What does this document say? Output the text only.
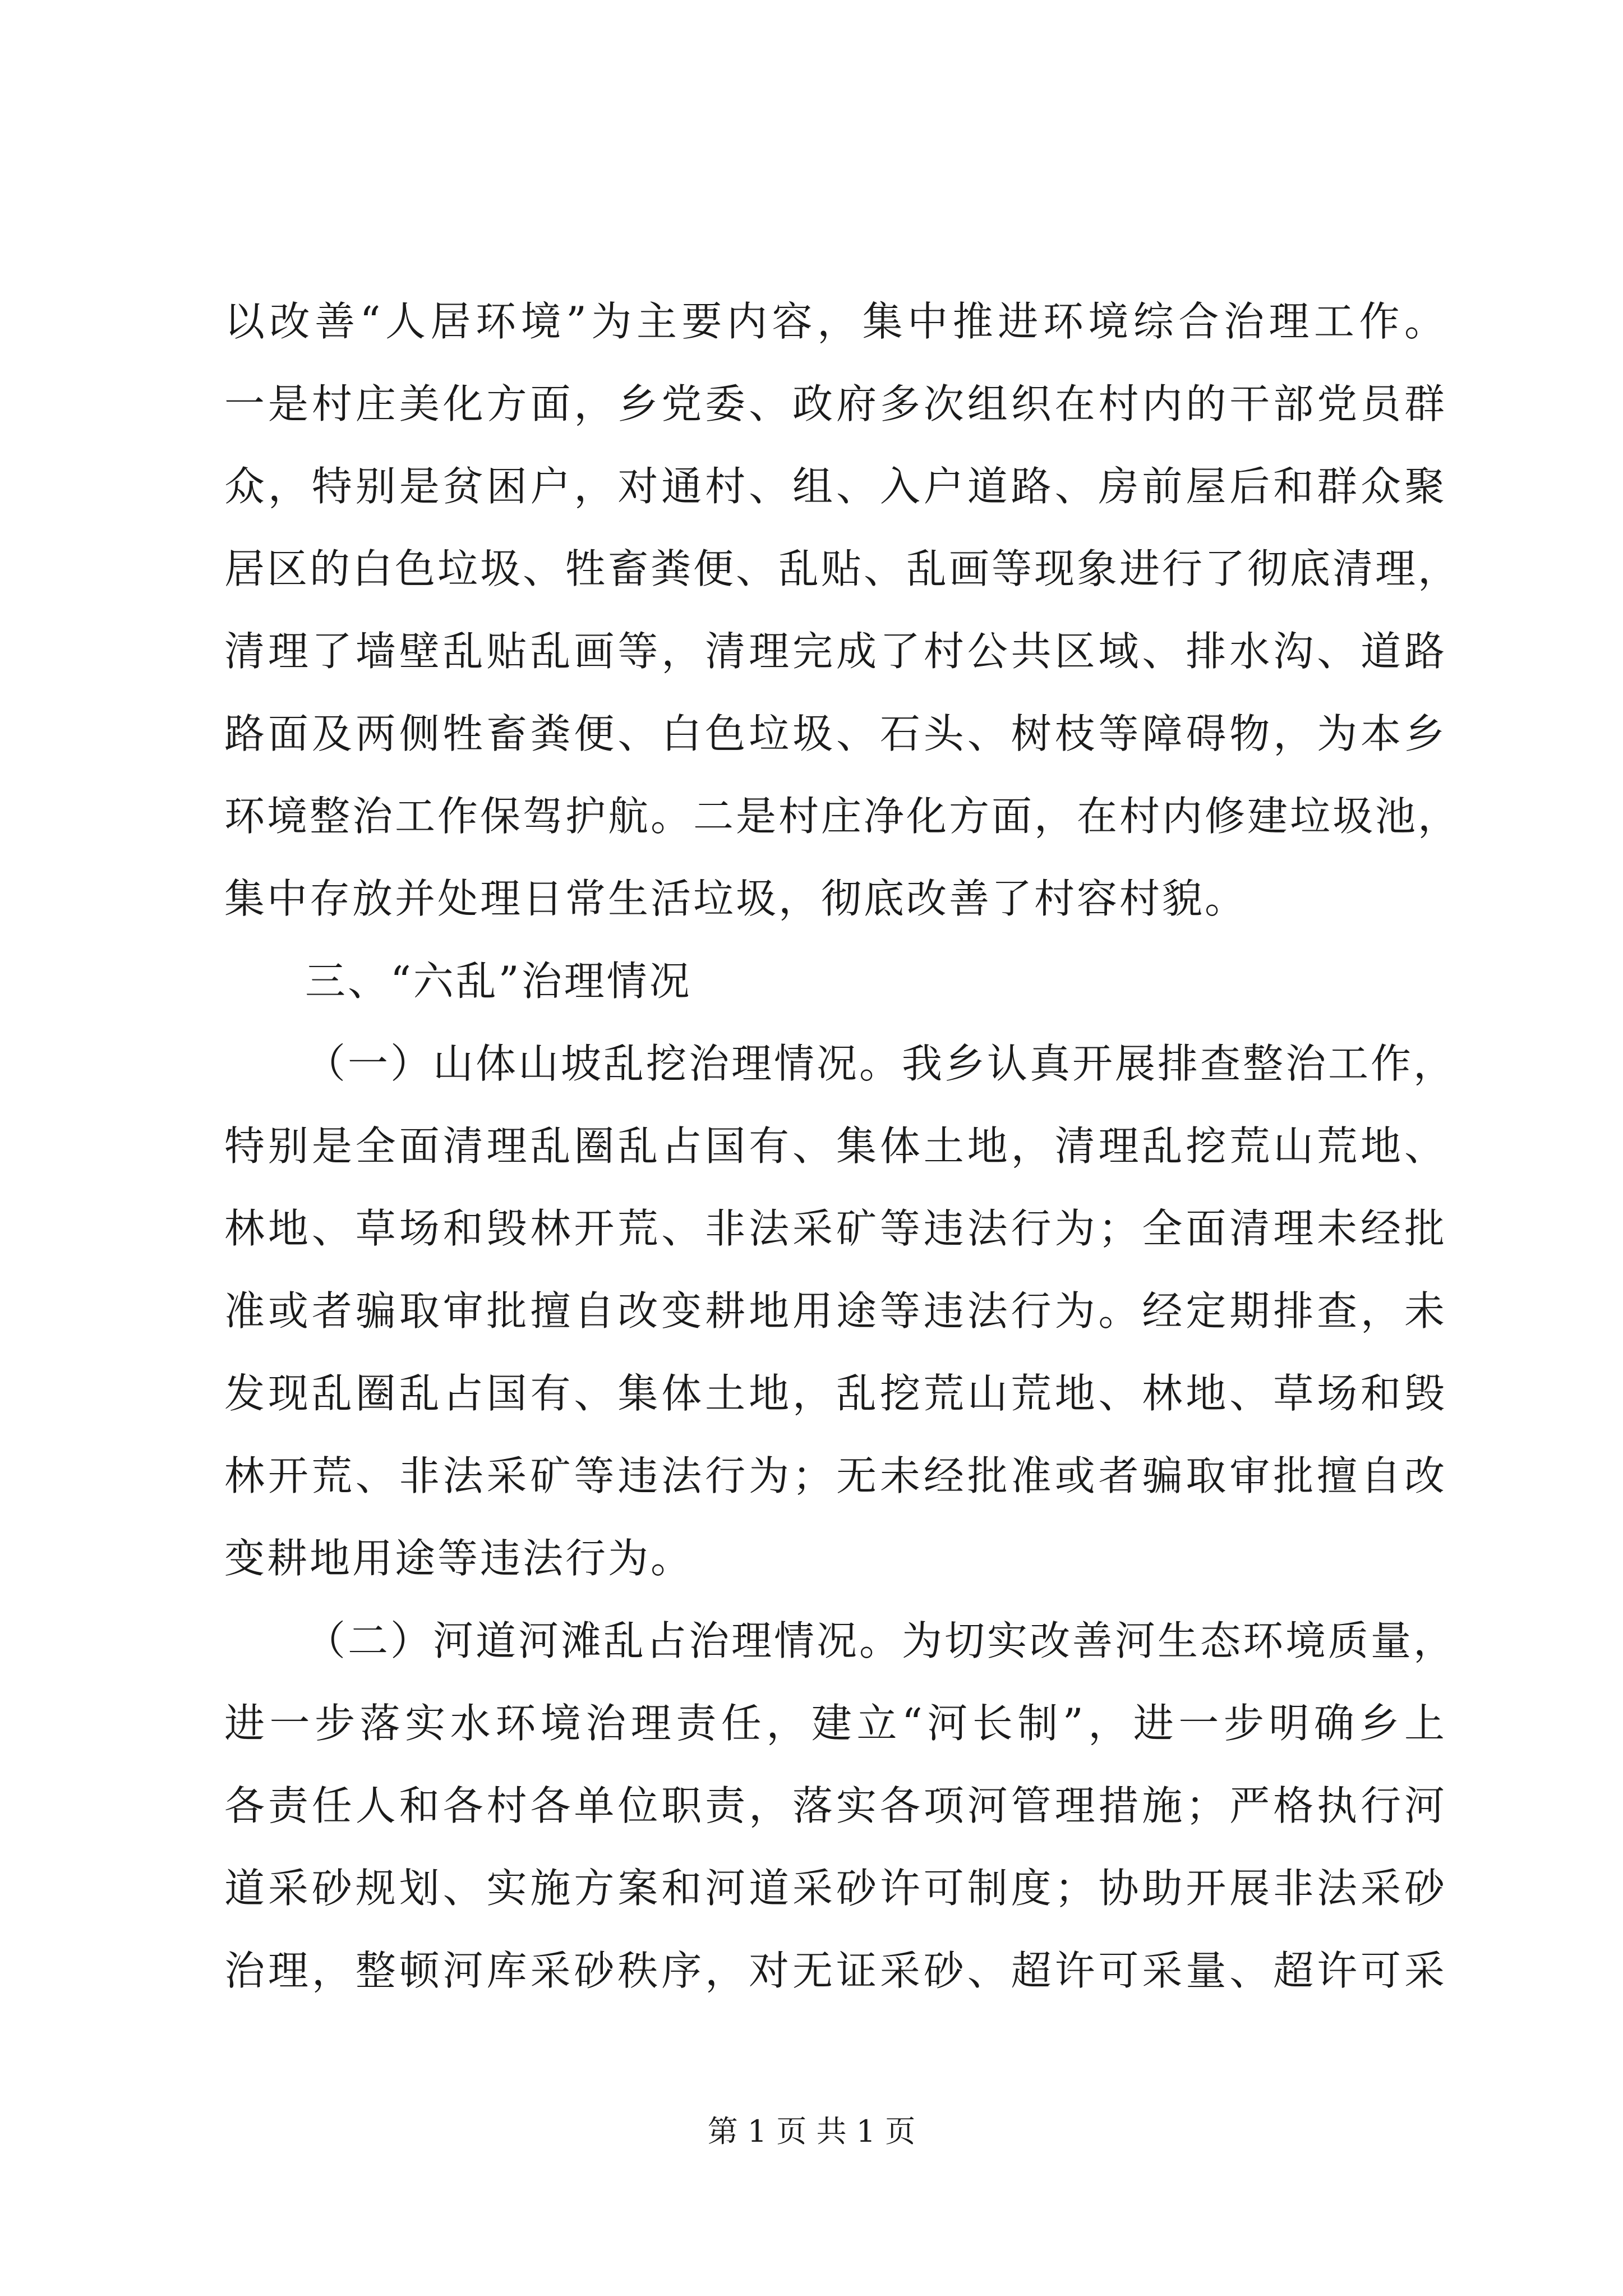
以改善“人居环境”为主要内容，集中推进环境综合治理工作。
一是村庄美化方面，乡党委、政府多次组织在村内的干部党员群
众，特别是贫困户，对通村、组、入户道路、房前屋后和群众聚
居区的白色垃圾、牲畜粪便、乱贴、乱画等现象进行了彻底清理，
清理了墙壁乱贴乱画等，清理完成了村公共区域、排水沟、道路
路面及两侧牲畜粪便、白色垃圾、石头、树枝等障碍物，为本乡
环境整治工作保驾护航。二是村庄净化方面，在村内修建垃圾池，
集中存放并处理日常生活垃圾，彻底改善了村容村貌。
三、“六乱”治理情况
（一）山体山坡乱挖治理情况。我乡认真开展排查整治工作，
特别是全面清理乱圈乱占国有、集体土地，清理乱挖荒山荒地、
林地、草场和毁林开荒、非法采矿等违法行为；全面清理未经批
准或者骗取审批擅自改变耕地用途等违法行为。经定期排查，未
发现乱圈乱占国有、集体土地，乱挖荒山荒地、林地、草场和毁
林开荒、非法采矿等违法行为；无未经批准或者骗取审批擅自改
变耕地用途等违法行为。
（二）河道河滩乱占治理情况。为切实改善河生态环境质量，
进一步落实水环境治理责任，建立“河长制”，进一步明确乡上
各责任人和各村各单位职责，落实各项河管理措施；严格执行河
道采砂规划、实施方案和河道采砂许可制度；协助开展非法采砂
治理，整顿河库采砂秩序，对无证采砂、超许可采量、超许可采
第 1 页 共 1 页
